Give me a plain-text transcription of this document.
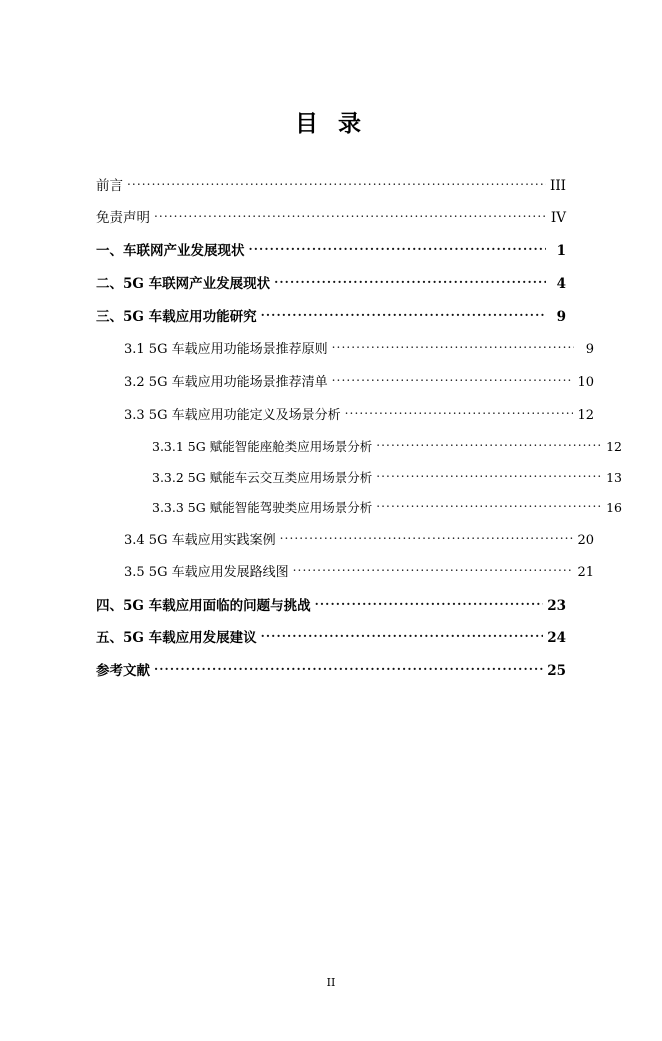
目 录
前言 .....	III
免责声明 .....	IV
一、车联网产业发展现状 .....	1
二、5G 车联网产业发展现状 .....	4
三、5G 车载应用功能研究 .....	9
3.1 5G 车载应用功能场景推荐原则 .....	9
3.2 5G 车载应用功能场景推荐清单 .....	10
3.3 5G 车载应用功能定义及场景分析 .....	12
3.3.1 5G 赋能智能座舱类应用场景分析 .....	12
3.3.2 5G 赋能车云交互类应用场景分析 .....	13
3.3.3 5G 赋能智能驾驶类应用场景分析 .....	16
3.4 5G 车载应用实践案例 .....	20
3.5 5G 车载应用发展路线图 .....	21
四、5G 车载应用面临的问题与挑战 .....	23
五、5G 车载应用发展建议 .....	24
参考文献 .....	25
II
